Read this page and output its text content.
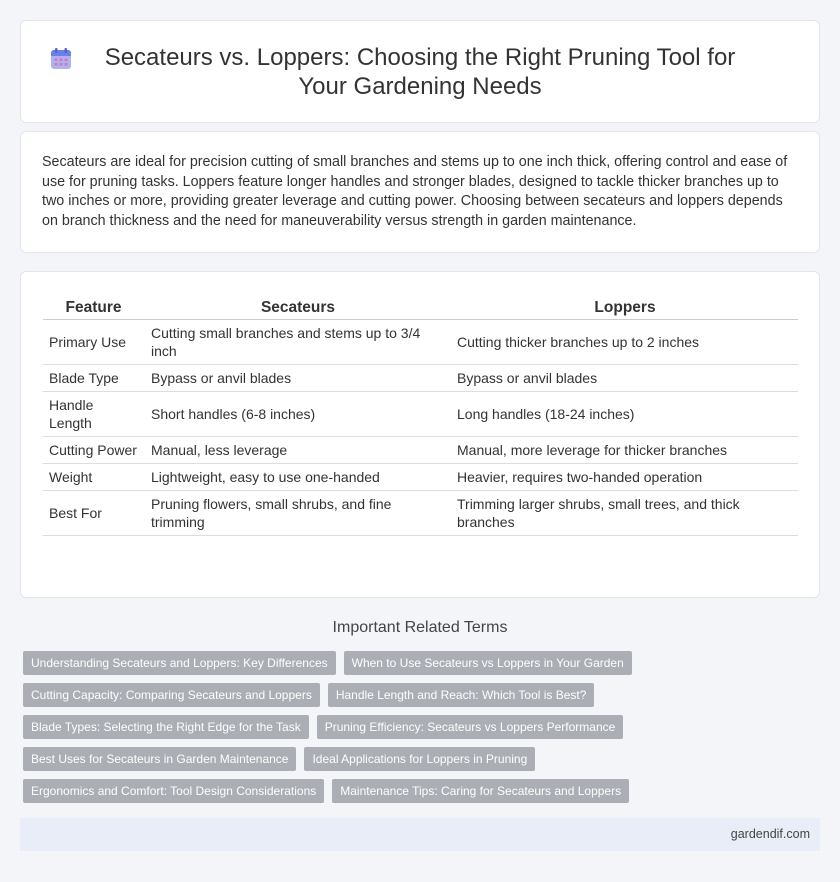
Secateurs vs. Loppers: Choosing the Right Pruning Tool for Your Gardening Needs

Secateurs are ideal for precision cutting of small branches and stems up to one inch thick, offering control and ease of use for pruning tasks. Loppers feature longer handles and stronger blades, designed to tackle thicker branches up to two inches or more, providing greater leverage and cutting power. Choosing between secateurs and loppers depends on branch thickness and the need for maneuverability versus strength in garden maintenance.

Feature	Secateurs	Loppers
Primary Use	Cutting small branches and stems up to 3/4 inch	Cutting thicker branches up to 2 inches
Blade Type	Bypass or anvil blades	Bypass or anvil blades
Handle Length	Short handles (6-8 inches)	Long handles (18-24 inches)
Cutting Power	Manual, less leverage	Manual, more leverage for thicker branches
Weight	Lightweight, easy to use one-handed	Heavier, requires two-handed operation
Best For	Pruning flowers, small shrubs, and fine trimming	Trimming larger shrubs, small trees, and thick branches
Important Related Terms
Understanding Secateurs and Loppers: Key Differences	When to Use Secateurs vs Loppers in Your Garden
Cutting Capacity: Comparing Secateurs and Loppers	Handle Length and Reach: Which Tool is Best?
Blade Types: Selecting the Right Edge for the Task	Pruning Efficiency: Secateurs vs Loppers Performance
Best Uses for Secateurs in Garden Maintenance	Ideal Applications for Loppers in Pruning
Ergonomics and Comfort: Tool Design Considerations	Maintenance Tips: Caring for Secateurs and Loppers
gardendif.com
